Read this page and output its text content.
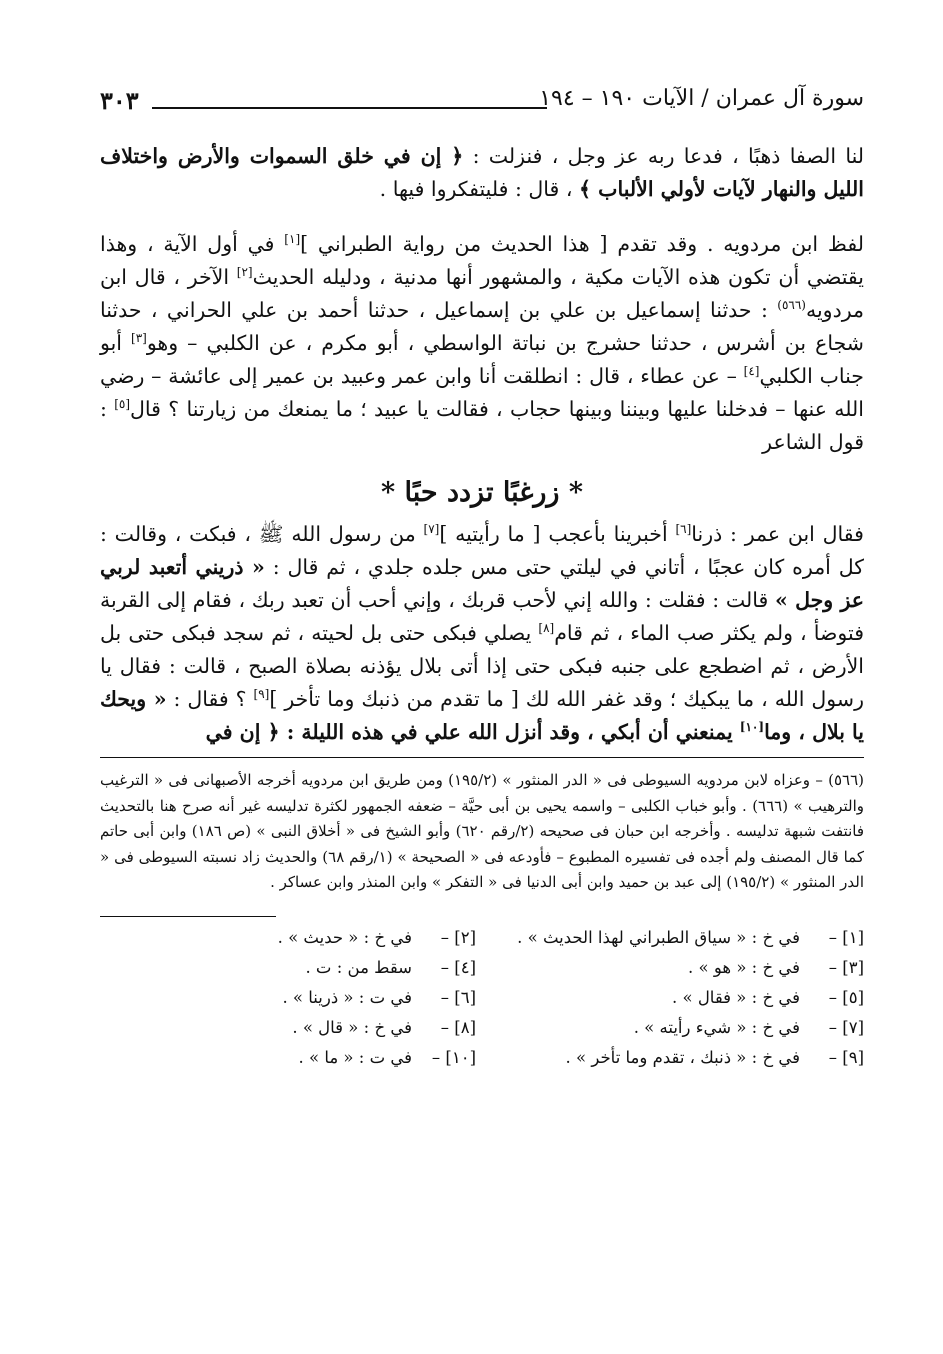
سورة آل عمران / الآيات ١٩٠ – ١٩٤
٣٠٣

لنا الصفا ذهبًا ، فدعا ربه عز وجل ، فنزلت : ﴿ إن في خلق السموات والأرض واختلاف الليل والنهار لآيات لأولي الألباب ﴾ ، قال : فليتفكروا فيها .

لفظ ابن مردويه . وقد تقدم [ هذا الحديث من رواية الطبراني ][١] في أول الآية ، وهذا يقتضي أن تكون هذه الآيات مكية ، والمشهور أنها مدنية ، ودليله الحديث[٢] الآخر ، قال ابن مردويه$^{(٥٦٦)}$ : حدثنا إسماعيل بن علي بن إسماعيل ، حدثنا أحمد بن علي الحراني ، حدثنا شجاع بن أشرس ، حدثنا حشرج بن نباتة الواسطي ، أبو مكرم ، عن الكلبي – وهو[٣] أبو جناب الكلبي[٤] – عن عطاء ، قال : انطلقت أنا وابن عمر وعبيد بن عمير إلى عائشة – رضي الله عنها – فدخلنا عليها وبيننا وبينها حجاب ، فقالت يا عبيد ؛ ما يمنعك من زيارتنا ؟ قال[٥] : قول الشاعر

* زرغبًا تزدد حبًا *

فقال ابن عمر : ذرنا[٦] أخبرينا بأعجب [ ما رأيتيه ][٧] من رسول الله ﷺ ، فبكت ، وقالت : كل أمره كان عجبًا ، أتاني في ليلتي حتى مس جلده جلدي ، ثم قال : « ذريني أتعبد لربي عز وجل » قالت : فقلت : والله إني لأحب قربك ، وإني أحب أن تعبد ربك ، فقام إلى القربة فتوضأ ، ولم يكثر صب الماء ، ثم قام[٨] يصلي فبكى حتى بل لحيته ، ثم سجد فبكى حتى بل الأرض ، ثم اضطجع على جنبه فبكى حتى إذا أتى بلال يؤذنه بصلاة الصبح ، قالت : فقال يا رسول الله ، ما يبكيك ؛ وقد غفر الله لك [ ما تقدم من ذنبك وما تأخر ][٩] ؟ فقال : « ويحك يا بلال ، وما[١٠] يمنعني أن أبكي ، وقد أنزل الله علي في هذه الليلة : ﴿ إن في

(٥٦٦) – وعزاه لابن مردويه السيوطى فى « الدر المنثور » (١٩٥/٢) ومن طريق ابن مردويه أخرجه الأصبهانى فى « الترغيب والترهيب » (٦٦٦) . وأبو خباب الكلبى – واسمه يحيى بن أبى حيَّة – ضعفه الجمهور لكثرة تدليسه غير أنه صرح هنا بالتحديث فانتفت شبهة تدليسه . وأخرجه ابن حبان فى صحيحه (٢/رقم ٦٢٠) وأبو الشيخ فى « أخلاق النبى » (ص ١٨٦) وابن أبى حاتم كما قال المصنف ولم أجده فى تفسيره المطبوع – فأودعه فى « الصحيحة » (١/رقم ٦٨) والحديث زاد نسبته السيوطى فى « الدر المنثور » (١٩٥/٢) إلى عبد بن حميد وابن أبى الدنيا فى « التفكر » وابن المنذر وابن عساكر .

[١] –في خ : « سياق الطبراني لهذا الحديث » .
[٢] –في خ : « حديث » .
[٣] –في خ : « هو » .
[٤] –سقط من : ت .
[٥] –في خ : « فقال » .
[٦] –في ت : « ذرينا » .
[٧] –في خ : « شيء رأيته » .
[٨] –في خ : « قال » .
[٩] –في خ : « ذنبك ، تقدم وما تأخر » .
[١٠] –في ت : « ما » .
